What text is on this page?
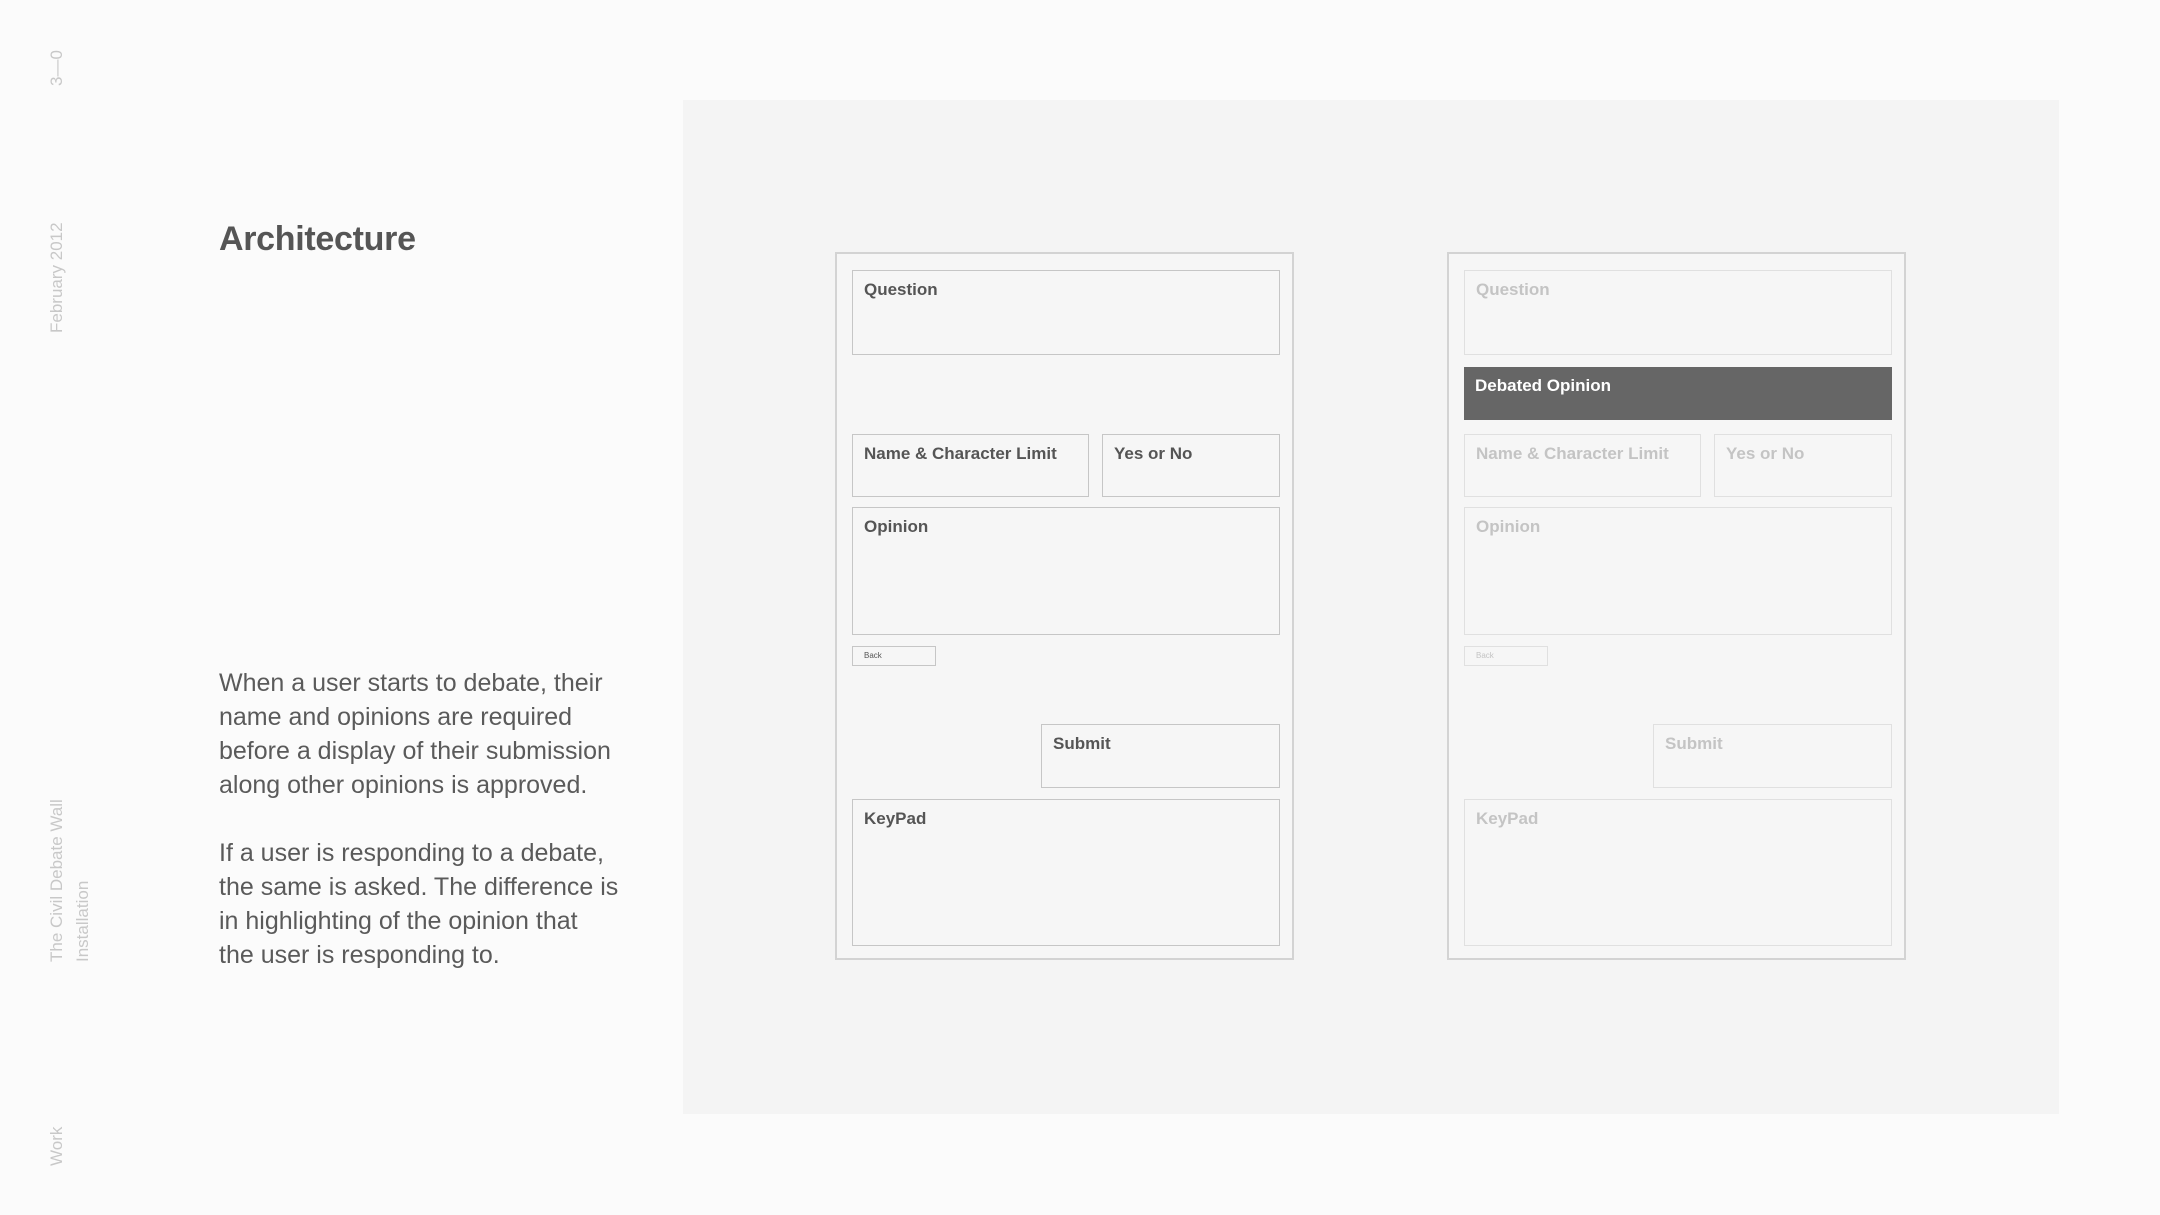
3—0
February 2012
The Civil Debate Wall Installation
Work
Architecture

When a user starts to debate, their name and opinions are required before a display of their submission along other opinions is approved.

If a user is responding to a debate, the same is asked. The difference is in highlighting of the opinion that the user is responding to.

Question
Name & Character Limit	Yes or No
Opinion
Back
Submit
KeyPad
Question
Debated Opinion
Name & Character Limit	Yes or No
Opinion
Back
Submit
KeyPad
